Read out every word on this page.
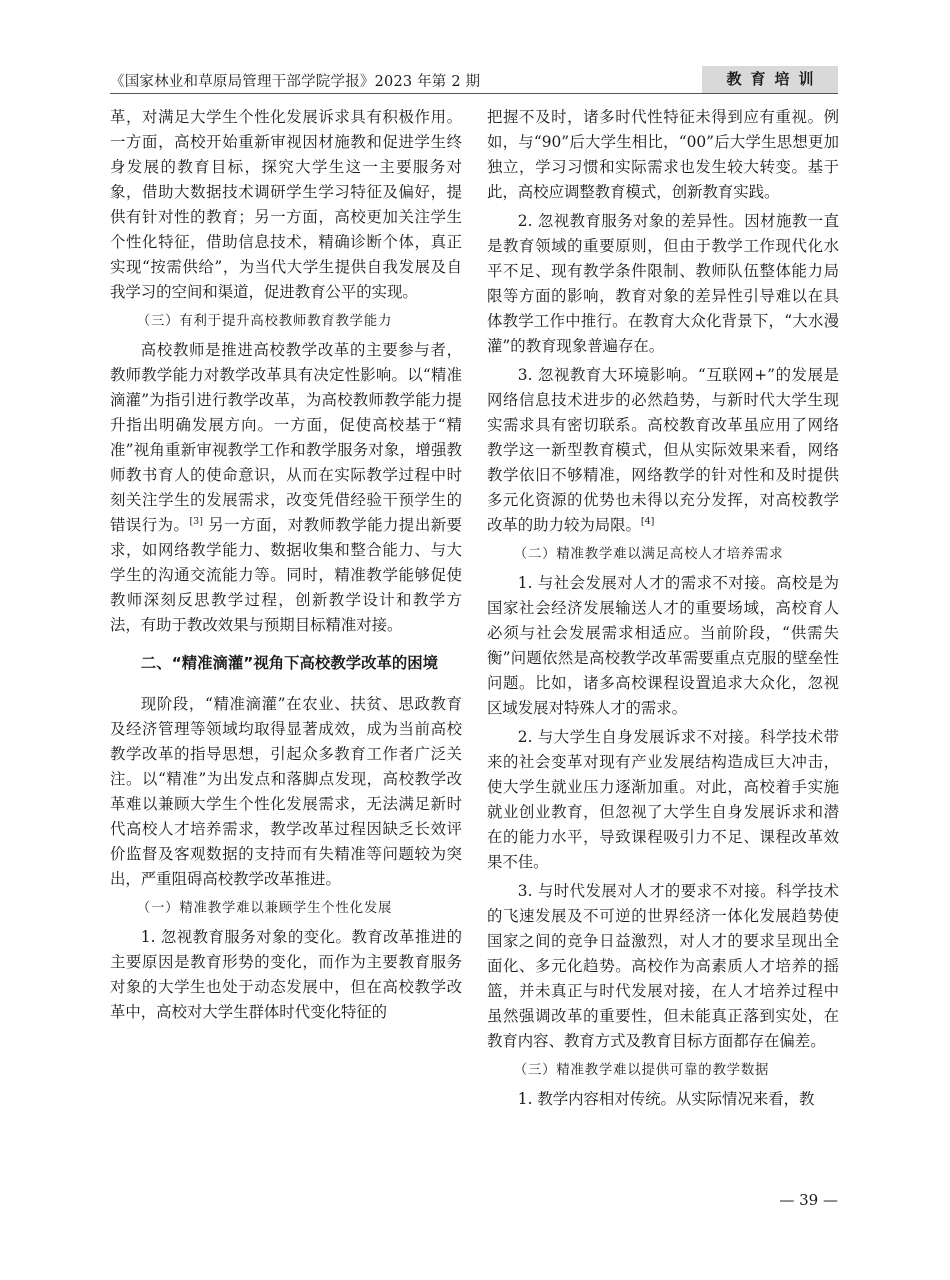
《国家林业和草原局管理干部学院学报》2023 年第 2 期	教育培训

革，对满足大学生个性化发展诉求具有积极作用。一方面，高校开始重新审视因材施教和促进学生终身发展的教育目标，探究大学生这一主要服务对象，借助大数据技术调研学生学习特征及偏好，提供有针对性的教育；另一方面，高校更加关注学生个性化特征，借助信息技术，精确诊断个体，真正实现“按需供给”，为当代大学生提供自我发展及自我学习的空间和渠道，促进教育公平的实现。

（三）有利于提升高校教师教育教学能力

高校教师是推进高校教学改革的主要参与者，教师教学能力对教学改革具有决定性影响。以“精准滴灌”为指引进行教学改革，为高校教师教学能力提升指出明确发展方向。一方面，促使高校基于“精准”视角重新审视教学工作和教学服务对象，增强教师教书育人的使命意识，从而在实际教学过程中时刻关注学生的发展需求，改变凭借经验干预学生的错误行为。[3] 另一方面，对教师教学能力提出新要求，如网络教学能力、数据收集和整合能力、与大学生的沟通交流能力等。同时，精准教学能够促使教师深刻反思教学过程，创新教学设计和教学方法，有助于教改效果与预期目标精准对接。

二、“精准滴灌”视角下高校教学改革的困境

现阶段，“精准滴灌”在农业、扶贫、思政教育及经济管理等领域均取得显著成效，成为当前高校教学改革的指导思想，引起众多教育工作者广泛关注。以“精准”为出发点和落脚点发现，高校教学改革难以兼顾大学生个性化发展需求，无法满足新时代高校人才培养需求，教学改革过程因缺乏长效评价监督及客观数据的支持而有失精准等问题较为突出，严重阻碍高校教学改革推进。

（一）精准教学难以兼顾学生个性化发展

1. 忽视教育服务对象的变化。教育改革推进的主要原因是教育形势的变化，而作为主要教育服务对象的大学生也处于动态发展中，但在高校教学改革中，高校对大学生群体时代变化特征的

把握不及时，诸多时代性特征未得到应有重视。例如，与“90”后大学生相比，“00”后大学生思想更加独立，学习习惯和实际需求也发生较大转变。基于此，高校应调整教育模式，创新教育实践。

2. 忽视教育服务对象的差异性。因材施教一直是教育领域的重要原则，但由于教学工作现代化水平不足、现有教学条件限制、教师队伍整体能力局限等方面的影响，教育对象的差异性引导难以在具体教学工作中推行。在教育大众化背景下，“大水漫灌”的教育现象普遍存在。

3. 忽视教育大环境影响。“互联网+”的发展是网络信息技术进步的必然趋势，与新时代大学生现实需求具有密切联系。高校教育改革虽应用了网络教学这一新型教育模式，但从实际效果来看，网络教学依旧不够精准，网络教学的针对性和及时提供多元化资源的优势也未得以充分发挥，对高校教学改革的助力较为局限。[4]

（二）精准教学难以满足高校人才培养需求

1. 与社会发展对人才的需求不对接。高校是为国家社会经济发展输送人才的重要场域，高校育人必须与社会发展需求相适应。当前阶段，“供需失衡”问题依然是高校教学改革需要重点克服的壁垒性问题。比如，诸多高校课程设置追求大众化，忽视区域发展对特殊人才的需求。

2. 与大学生自身发展诉求不对接。科学技术带来的社会变革对现有产业发展结构造成巨大冲击，使大学生就业压力逐渐加重。对此，高校着手实施就业创业教育，但忽视了大学生自身发展诉求和潜在的能力水平，导致课程吸引力不足、课程改革效果不佳。

3. 与时代发展对人才的要求不对接。科学技术的飞速发展及不可逆的世界经济一体化发展趋势使国家之间的竞争日益激烈，对人才的要求呈现出全面化、多元化趋势。高校作为高素质人才培养的摇篮，并未真正与时代发展对接，在人才培养过程中虽然强调改革的重要性，但未能真正落到实处，在教育内容、教育方式及教育目标方面都存在偏差。

（三）精准教学难以提供可靠的教学数据

1. 教学内容相对传统。从实际情况来看，教

— 39 —
